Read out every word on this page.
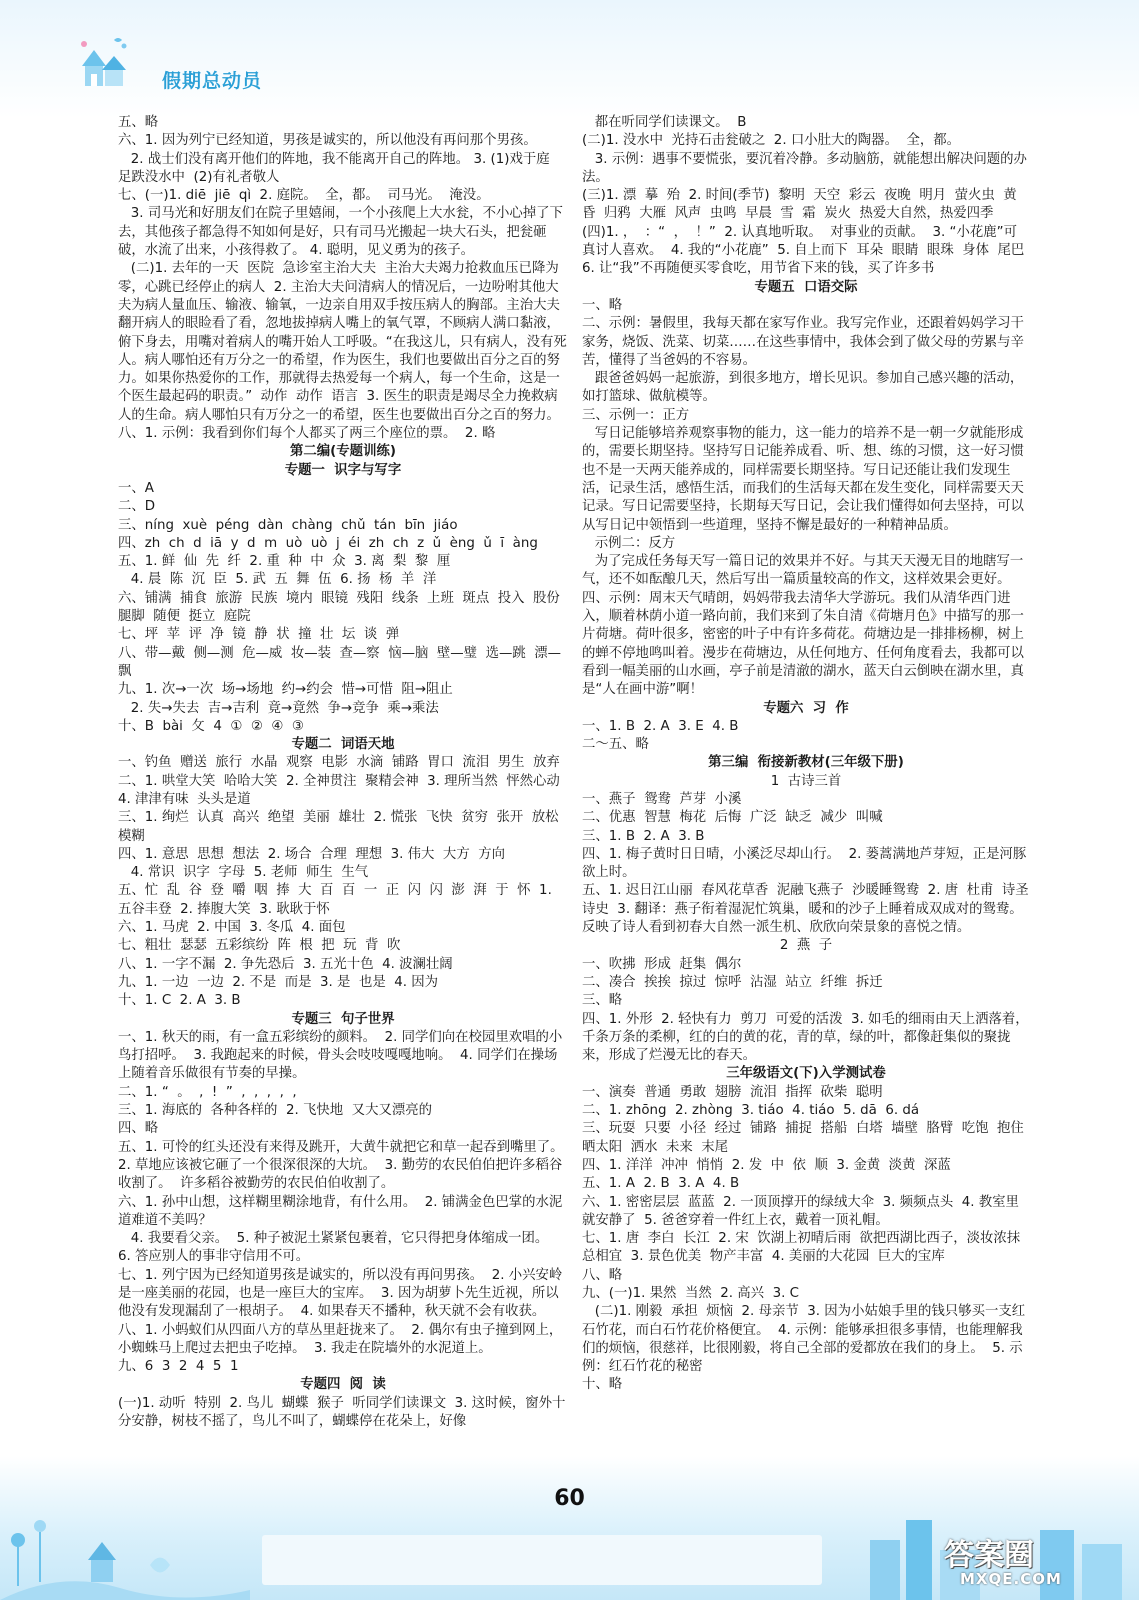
假期总动员
五、略
六、1. 因为列宁已经知道，男孩是诚实的，所以他没有再问那个男孩。
2. 战士们没有离开他们的阵地，我不能离开自己的阵地。 3. (1)戏于庭  足跌没水中  (2)有礼者敬人
七、(一)1. diē  jiē  qì  2. 庭院。  全，都。  司马光。  淹没。
3. 司马光和好朋友们在院子里嬉闹，一个小孩爬上大水瓮，不小心掉了下去，其他孩子都急得不知如何是好，只有司马光搬起一块大石头，把瓮砸破，水流了出来，小孩得救了。 4. 聪明，见义勇为的孩子。
(二)1. 去年的一天  医院  急诊室主治大夫  主治大夫竭力抢救血压已降为零，心跳已经停止的病人  2. 主治大夫问清病人的情况后，一边吩咐其他大夫为病人量血压、输液、输氧，一边亲自用双手按压病人的胸部。主治大夫翻开病人的眼睑看了看，忽地拔掉病人嘴上的氧气罩，不顾病人满口黏液，俯下身去，用嘴对着病人的嘴开始人工呼吸。“在我这儿，只有病人，没有死人。病人哪怕还有万分之一的希望，作为医生，我们也要做出百分之百的努力。如果你热爱你的工作，那就得去热爱每一个病人，每一个生命，这是一个医生最起码的职责。”  动作  动作  语言  3. 医生的职责是竭尽全力挽救病人的生命。病人哪怕只有万分之一的希望，医生也要做出百分之百的努力。
八、1. 示例：我看到你们每个人都买了两三个座位的票。  2. 略
第二编(专题训练)
专题一  识字与写字
一、A
二、D
三、níng  xuè  péng  dàn  chàng  chǔ  tán  bīn  jiáo
四、zh  ch  d  iā  y  d  m  uò  uò  j  éi  zh  ch  z  ǔ  èng  ǔ  ī  àng
五、1. 鲜  仙  先  纤  2. 重  种  中  众  3. 离  梨  黎  厘
4. 晨  陈  沉  臣  5. 武  五  舞  伍  6. 扬  杨  羊  洋
六、铺满  捕食  旅游  民族  境内  眼镜  残阳  线条  上班  斑点  投入  股份  腿脚  随便  挺立  庭院
七、坪  苹  评  净  镜  静  状  撞  壮  坛  谈  弹
八、带—戴  侧—测  危—威  妆—装  查—察  恼—脑  壁—璧  选—跳  漂—飘
九、1. 次→一次  场→场地  约→约会  惜→可惜  阻→阻止
2. 失→失去  吉→吉利  竟→竟然  争→竞争  乘→乘法
十、B  bài  攵  4  ①  ②  ④  ③
专题二  词语天地
一、钓鱼  赠送  旅行  水晶  观察  电影  水滴  铺路  胃口  流泪  男生  放弃
二、1. 哄堂大笑  哈哈大笑  2. 全神贯注  聚精会神  3. 理所当然  怦然心动  4. 津津有味  头头是道
三、1. 绚烂  认真  高兴  绝望  美丽  雄壮  2. 慌张  飞快  贫穷  张开  放松  模糊
四、1. 意思  思想  想法  2. 场合  合理  理想  3. 伟大  大方  方向
4. 常识  识字  字母  5. 老师  师生  生气
五、忙  乱  谷  登  嚼  咽  捧  大  百  百  一  正  闪  闪  澎  湃  于  怀  1. 五谷丰登  2. 捧腹大笑  3. 耿耿于怀
六、1. 马虎  2. 中国  3. 冬瓜  4. 面包
七、粗壮  瑟瑟  五彩缤纷  阵  根  把  玩  背  吹
八、1. 一字不漏  2. 争先恐后  3. 五光十色  4. 波澜壮阔
九、1. 一边  一边  2. 不是  而是  3. 是  也是  4. 因为
十、1. C  2. A  3. B
专题三  句子世界
一、1. 秋天的雨，有一盒五彩缤纷的颜料。  2. 同学们向在校园里欢唱的小鸟打招呼。  3. 我跑起来的时候，骨头会吱吱嘎嘎地响。  4. 同学们在操场上随着音乐做很有节奏的早操。
二、1. “  。  ,  !  ”  ,  ,  ,  ,  ,
三、1. 海底的  各种各样的  2. 飞快地  又大又漂亮的
四、略
五、1. 可怜的红头还没有来得及跳开，大黄牛就把它和草一起吞到嘴里了。  2. 草地应该被它砸了一个很深很深的大坑。  3. 勤劳的农民伯伯把许多稻谷收割了。  许多稻谷被勤劳的农民伯伯收割了。
六、1. 孙中山想，这样糊里糊涂地背，有什么用。  2. 铺满金色巴掌的水泥道难道不美吗？
4. 我要看父亲。  5. 种子被泥土紧紧包裹着，它只得把身体缩成一团。  6. 答应别人的事非守信用不可。
七、1. 列宁因为已经知道男孩是诚实的，所以没有再问男孩。  2. 小兴安岭是一座美丽的花园，也是一座巨大的宝库。  3. 因为胡萝卜先生近视，所以他没有发现漏刮了一根胡子。  4. 如果春天不播种，秋天就不会有收获。
八、1. 小蚂蚁们从四面八方的草丛里赶拢来了。  2. 偶尔有虫子撞到网上，小蜘蛛马上爬过去把虫子吃掉。  3. 我走在院墙外的水泥道上。
九、6  3  2  4  5  1
专题四  阅  读
(一)1. 动听  特别  2. 鸟儿  蝴蝶  猴子  听同学们读课文  3. 这时候，窗外十分安静，树枝不摇了，鸟儿不叫了，蝴蝶停在花朵上，好像
都在听同学们读课文。  B
(二)1. 没水中  光持石击瓮破之  2. 口小肚大的陶器。  全，都。
3. 示例：遇事不要慌张，要沉着冷静。多动脑筋，就能想出解决问题的办法。
(三)1. 漂  摹  殆  2. 时间(季节)  黎明  天空  彩云  夜晚  明月  萤火虫  黄昏  归鸦  大雁  风声  虫鸣  早晨  雪  霜  炭火  热爱大自然，热爱四季
(四)1. ，  ：“  ，  ！”  2. 认真地听取。  对事业的贡献。  3. “小花鹿”可真讨人喜欢。  4. 我的“小花鹿”  5. 自上而下  耳朵  眼睛  眼珠  身体  尾巴  6. 让“我”不再随便买零食吃，用节省下来的钱，买了许多书
专题五  口语交际
一、略
二、示例：暑假里，我每天都在家写作业。我写完作业，还跟着妈妈学习干家务，烧饭、洗菜、切菜……在这些事情中，我体会到了做父母的劳累与辛苦，懂得了当爸妈的不容易。
跟爸爸妈妈一起旅游，到很多地方，增长见识。参加自己感兴趣的活动，如打篮球、做航模等。
三、示例一：正方
写日记能够培养观察事物的能力，这一能力的培养不是一朝一夕就能形成的，需要长期坚持。坚持写日记能养成看、听、想、练的习惯，这一好习惯也不是一天两天能养成的，同样需要长期坚持。写日记还能让我们发现生活，记录生活，感悟生活，而我们的生活每天都在发生变化，同样需要天天记录。写日记需要坚持，长期每天写日记，会让我们懂得如何去坚持，可以从写日记中领悟到一些道理，坚持不懈是最好的一种精神品质。
示例二：反方
为了完成任务每天写一篇日记的效果并不好。与其天天漫无目的地瞎写一气，还不如酝酿几天，然后写出一篇质量较高的作文，这样效果会更好。
四、示例：周末天气晴朗，妈妈带我去清华大学游玩。我们从清华西门进入，顺着林荫小道一路向前，我们来到了朱自清《荷塘月色》中描写的那一片荷塘。荷叶很多，密密的叶子中有许多荷花。荷塘边是一排排杨柳，树上的蝉不停地鸣叫着。漫步在荷塘边，从任何地方、任何角度看去，我都可以看到一幅美丽的山水画，亭子前是清澈的湖水，蓝天白云倒映在湖水里，真是“人在画中游”啊！
专题六  习  作
一、1. B  2. A  3. E  4. B
二～五、略
第三编  衔接新教材(三年级下册)
1  古诗三首
一、燕子  鸳鸯  芦芽  小溪
二、优惠  智慧  梅花  后悔  广泛  缺乏  减少  叫喊
三、1. B  2. A  3. B
四、1. 梅子黄时日日晴，小溪泛尽却山行。  2. 蒌蒿满地芦芽短，正是河豚欲上时。
五、1. 迟日江山丽  春风花草香  泥融飞燕子  沙暖睡鸳鸯  2. 唐  杜甫  诗圣  诗史  3. 翻译：燕子衔着湿泥忙筑巢，暖和的沙子上睡着成双成对的鸳鸯。反映了诗人看到初春大自然一派生机、欣欣向荣景象的喜悦之情。
2  燕  子
一、吹拂  形成  赶集  偶尔
二、凑合  挨挨  掠过  惊呼  沾湿  站立  纤维  拆迁
三、略
四、1. 外形  2. 轻快有力  剪刀  可爱的活泼  3. 如毛的细雨由天上洒落着，千条万条的柔柳，红的白的黄的花，青的草，绿的叶，都像赶集似的聚拢来，形成了烂漫无比的春天。
三年级语文(下)入学测试卷
一、演奏  普通  勇敢  翅膀  流泪  指挥  砍柴  聪明
二、1. zhōng  2. zhòng  3. tiáo  4. tiáo  5. dā  6. dá
三、玩耍  只要  小径  经过  铺路  捕捉  搭船  白塔  墙壁  胳臂  吃饱  抱住  晒太阳  洒水  未来  末尾
四、1. 洋洋  冲冲  悄悄  2. 发  中  依  顺  3. 金黄  淡黄  深蓝
五、1. A  2. B  3. A  4. B
六、1. 密密层层  蓝蓝  2. 一顶顶撑开的绿绒大伞  3. 频频点头  4. 教室里就安静了  5. 爸爸穿着一件红上衣，戴着一顶礼帽。
七、1. 唐  李白  长江  2. 宋  饮湖上初晴后雨  欲把西湖比西子，淡妆浓抹总相宜  3. 景色优美  物产丰富  4. 美丽的大花园  巨大的宝库
八、略
九、(一)1. 果然  当然  2. 高兴  3. C
(二)1. 刚毅  承担  烦恼  2. 母亲节  3. 因为小姑娘手里的钱只够买一支红石竹花，而白石竹花价格便宜。  4. 示例：能够承担很多事情，也能理解我们的烦恼，很慈祥，比很刚毅，将自己全部的爱都放在我们的身上。  5. 示例：红石竹花的秘密
十、略
60
答案圈
MXQE.COM
